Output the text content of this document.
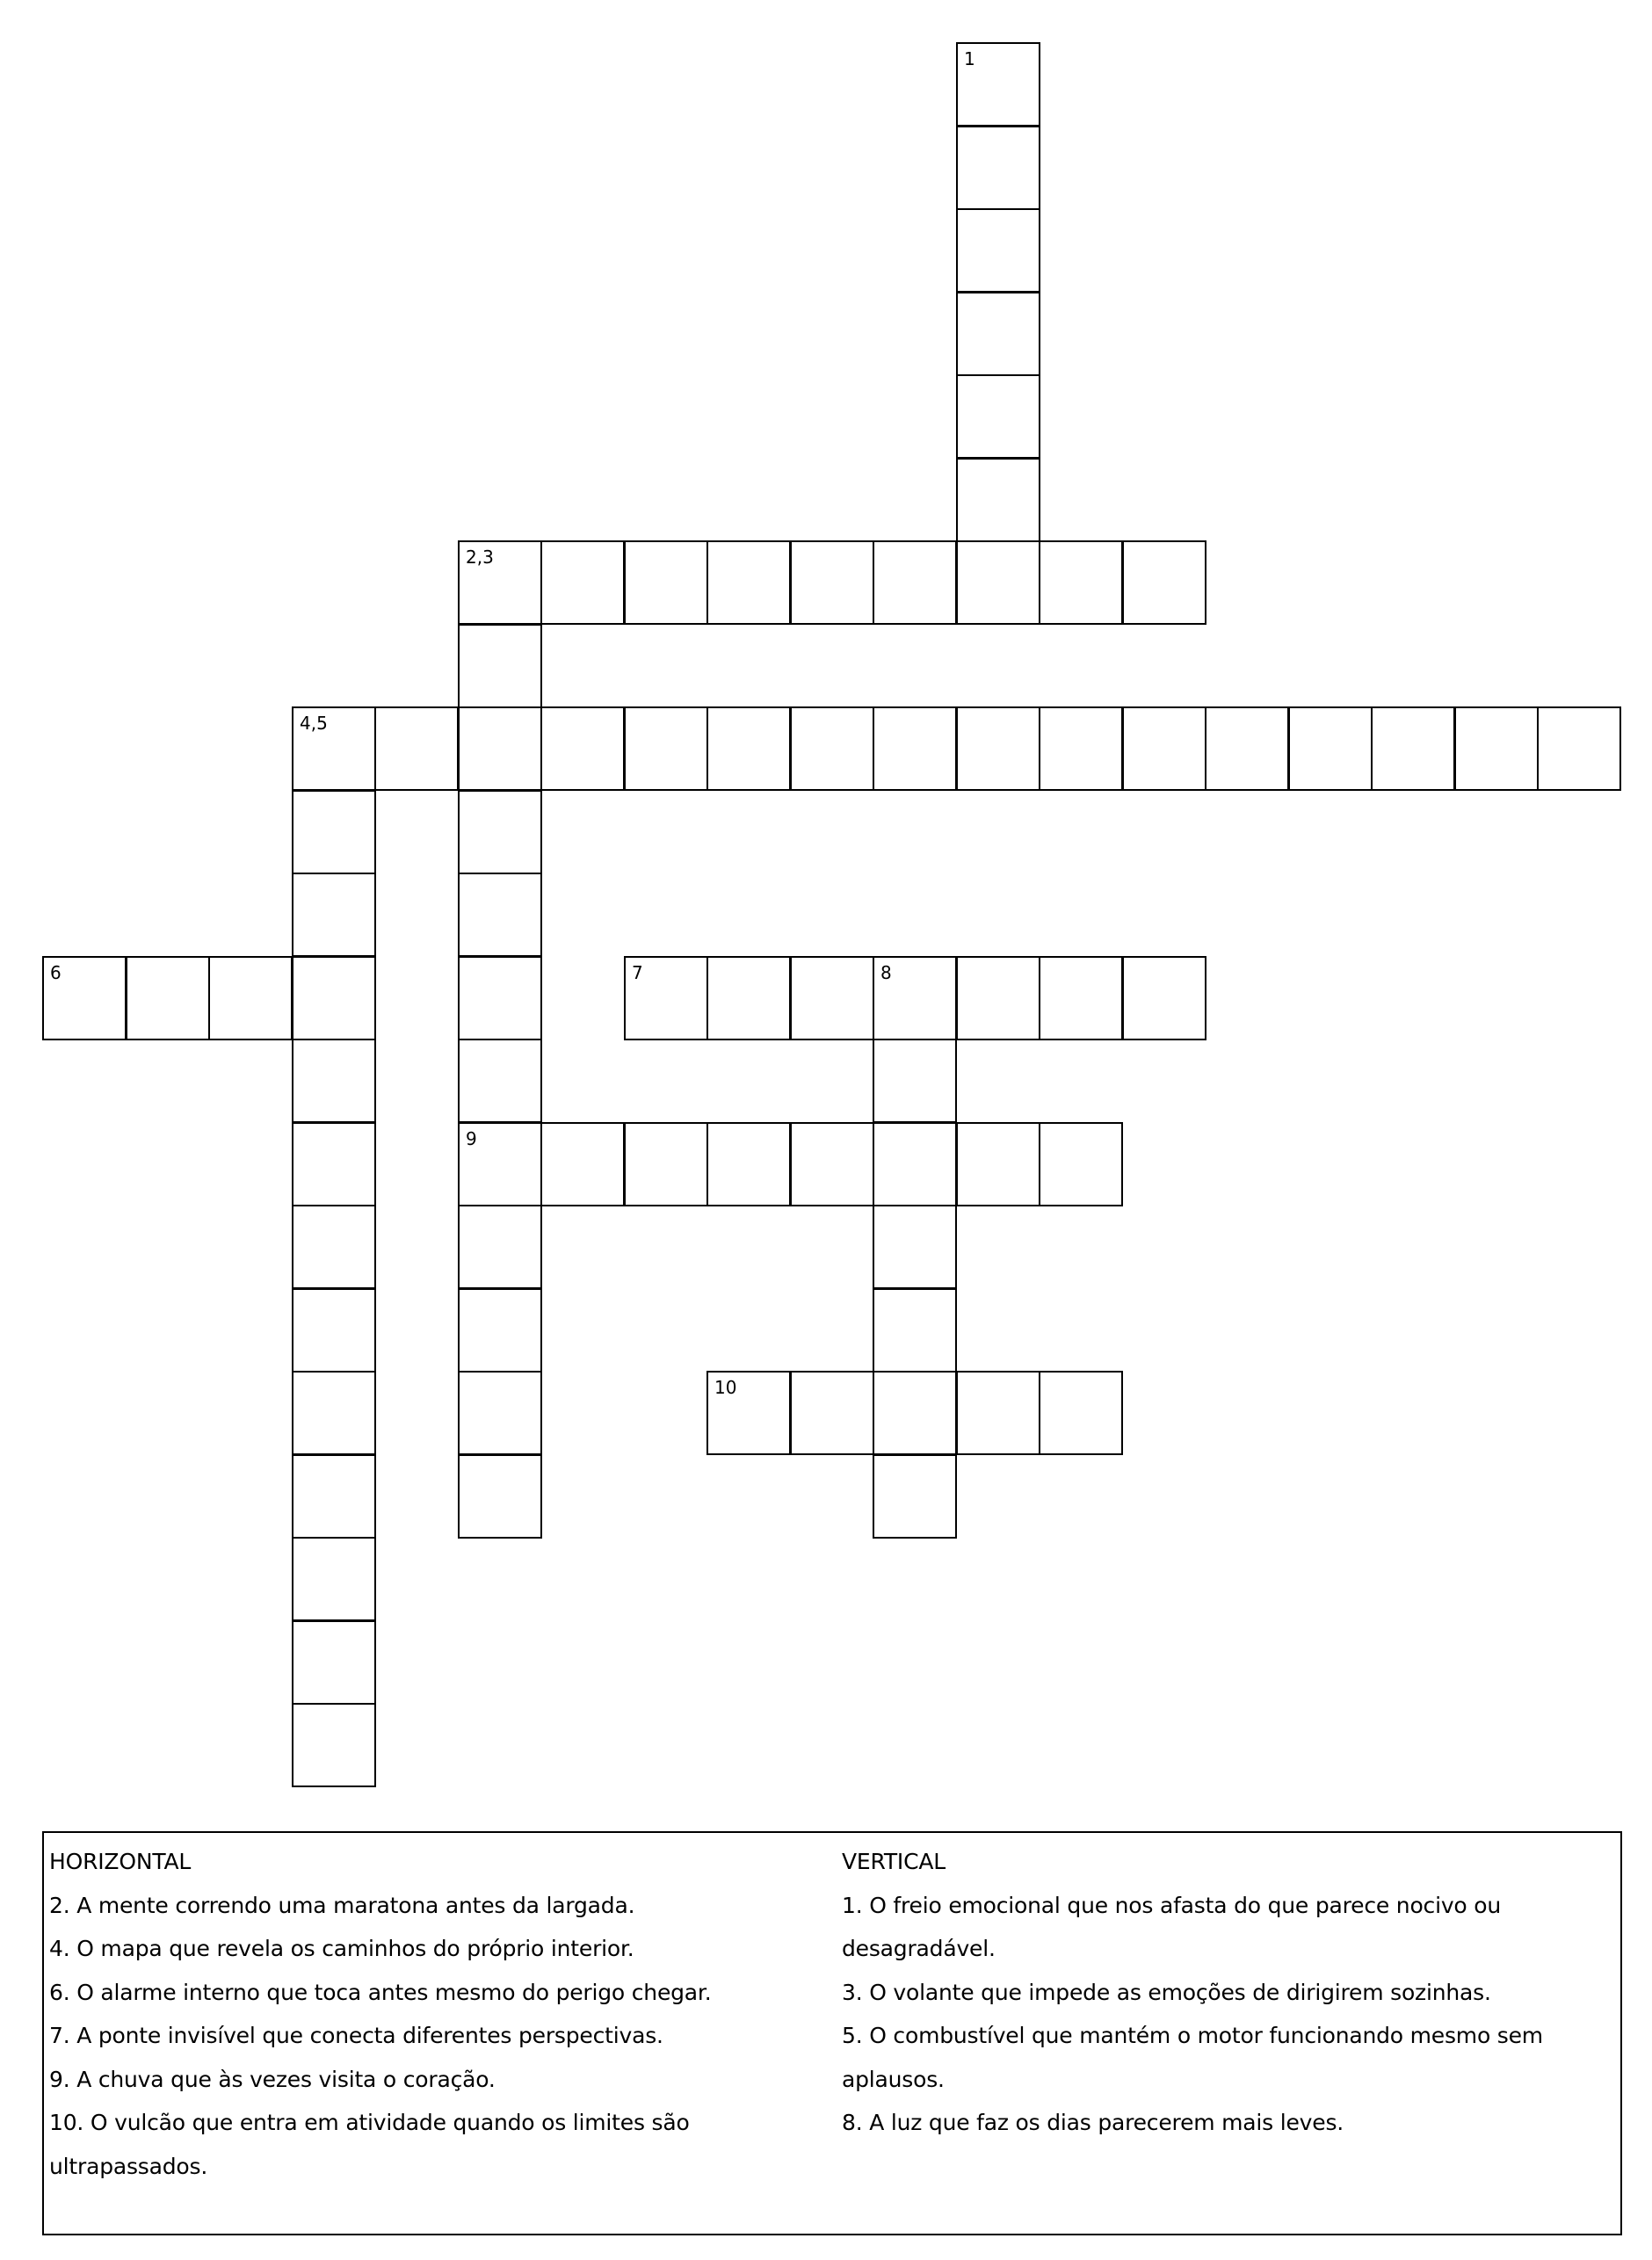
1
2,3
4,5
6	7	8
9
10
HORIZONTAL
2. A mente correndo uma maratona antes da largada.
4. O mapa que revela os caminhos do próprio interior.
6. O alarme interno que toca antes mesmo do perigo chegar.
7. A ponte invisível que conecta diferentes perspectivas.
9. A chuva que às vezes visita o coração.
10. O vulcão que entra em atividade quando os limites são
ultrapassados.
VERTICAL
1. O freio emocional que nos afasta do que parece nocivo ou
desagradável.
3. O volante que impede as emoções de dirigirem sozinhas.
5. O combustível que mantém o motor funcionando mesmo sem
aplausos.
8. A luz que faz os dias parecerem mais leves.
